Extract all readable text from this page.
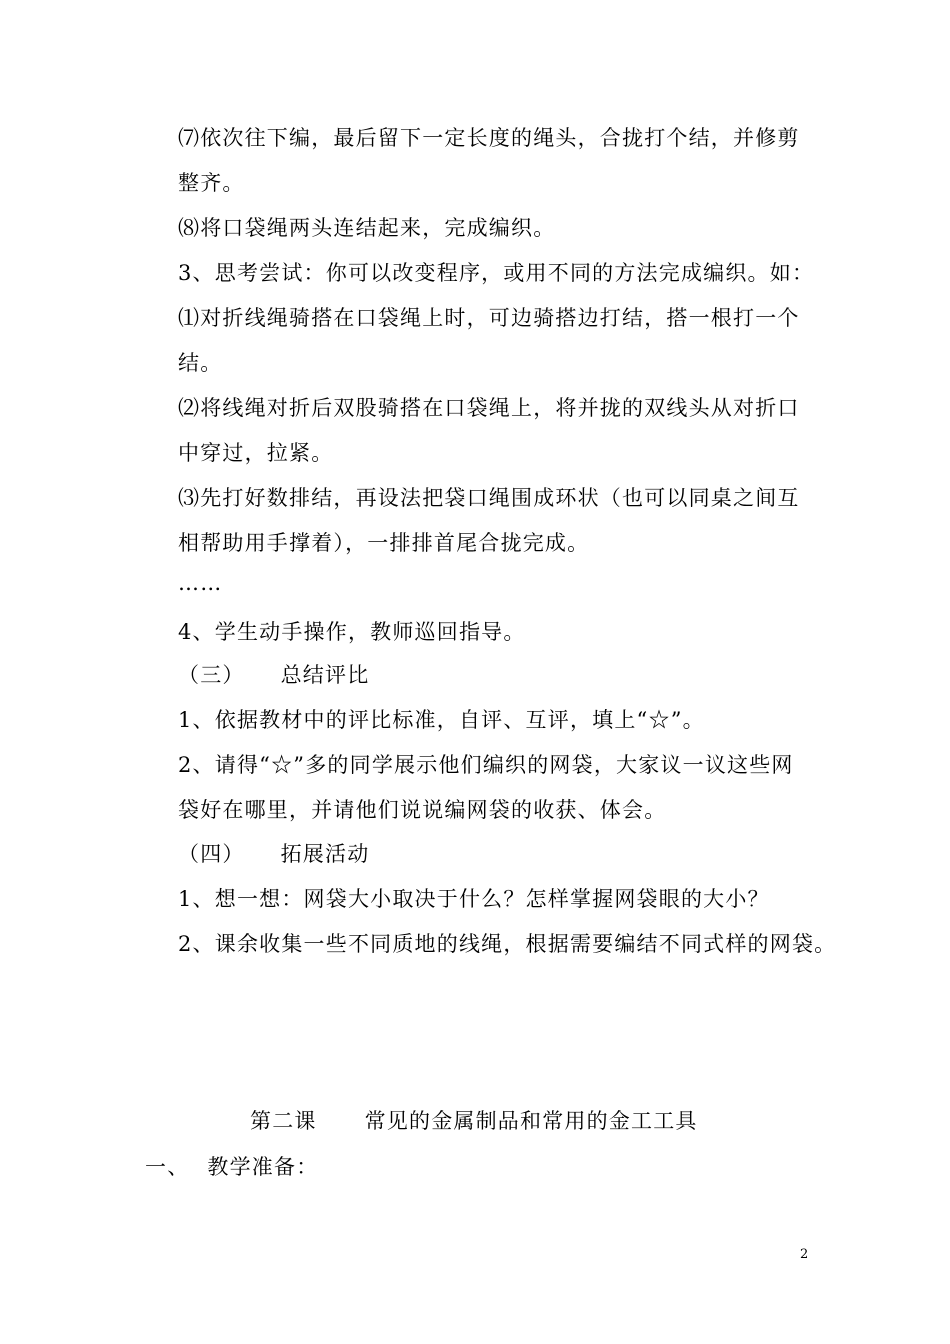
⑺依次往下编，最后留下一定长度的绳头，合拢打个结，并修剪
整齐。
⑻将口袋绳两头连结起来，完成编织。
3、思考尝试：你可以改变程序，或用不同的方法完成编织。如：
⑴对折线绳骑搭在口袋绳上时，可边骑搭边打结，搭一根打一个
结。
⑵将线绳对折后双股骑搭在口袋绳上，将并拢的双线头从对折口
中穿过，拉紧。
⑶先打好数排结，再设法把袋口绳围成环状（也可以同桌之间互
相帮助用手撑着），一排排首尾合拢完成。
……
4、学生动手操作，教师巡回指导。
（三） 总结评比
1、依据教材中的评比标准，自评、互评，填上“☆”。
2、请得“☆”多的同学展示他们编织的网袋，大家议一议这些网
袋好在哪里，并请他们说说编网袋的收获、体会。
（四） 拓展活动
1、想一想：网袋大小取决于什么？怎样掌握网袋眼的大小？
2、课余收集一些不同质地的线绳，根据需要编结不同式样的网袋。
第二课 常见的金属制品和常用的金工工具
一、 教学准备：
2
